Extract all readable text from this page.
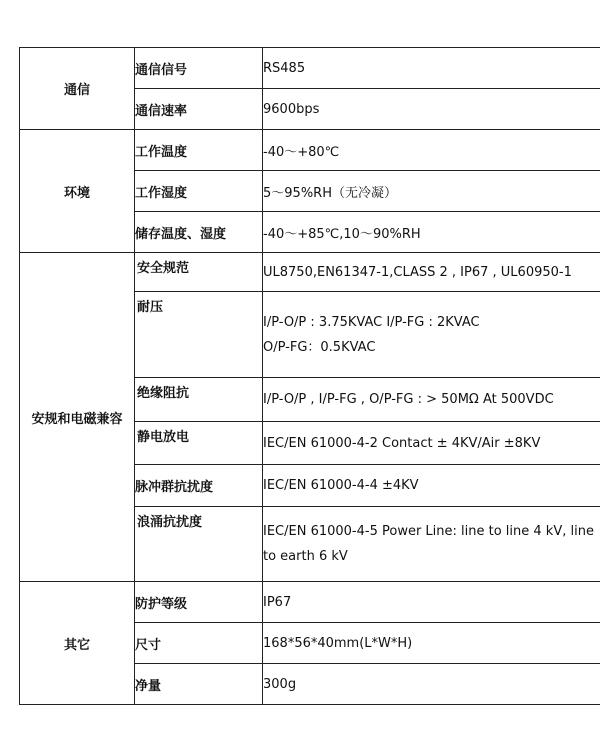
通信	通信信号	RS485
	通信速率	9600bps
环境	工作温度	-40～+80℃
	工作湿度	5～95%RH（无冷凝）
	储存温度、湿度	-40～+85℃,10～90%RH
安规和电磁兼容	安全规范	UL8750,EN61347-1,CLASS 2 , IP67 , UL60950-1
	耐压	I/P-O/P : 3.75KVAC I/P-FG : 2KVAC
O/P-FG：0.5KVAC

	绝缘阻抗	I/P-O/P , I/P-FG , O/P-FG : > 50MΩ At 500VDC
	静电放电	IEC/EN 61000-4-2 Contact ± 4KV/Air ±8KV
	脉冲群抗扰度	IEC/EN 61000-4-4 ±4KV
	浪涌抗扰度	IEC/EN 61000-4-5 Power Line: line to line 4 kV, line
to earth 6 kV

其它	防护等级	IP67
	尺寸	168*56*40mm(L*W*H)
	净量	300g
